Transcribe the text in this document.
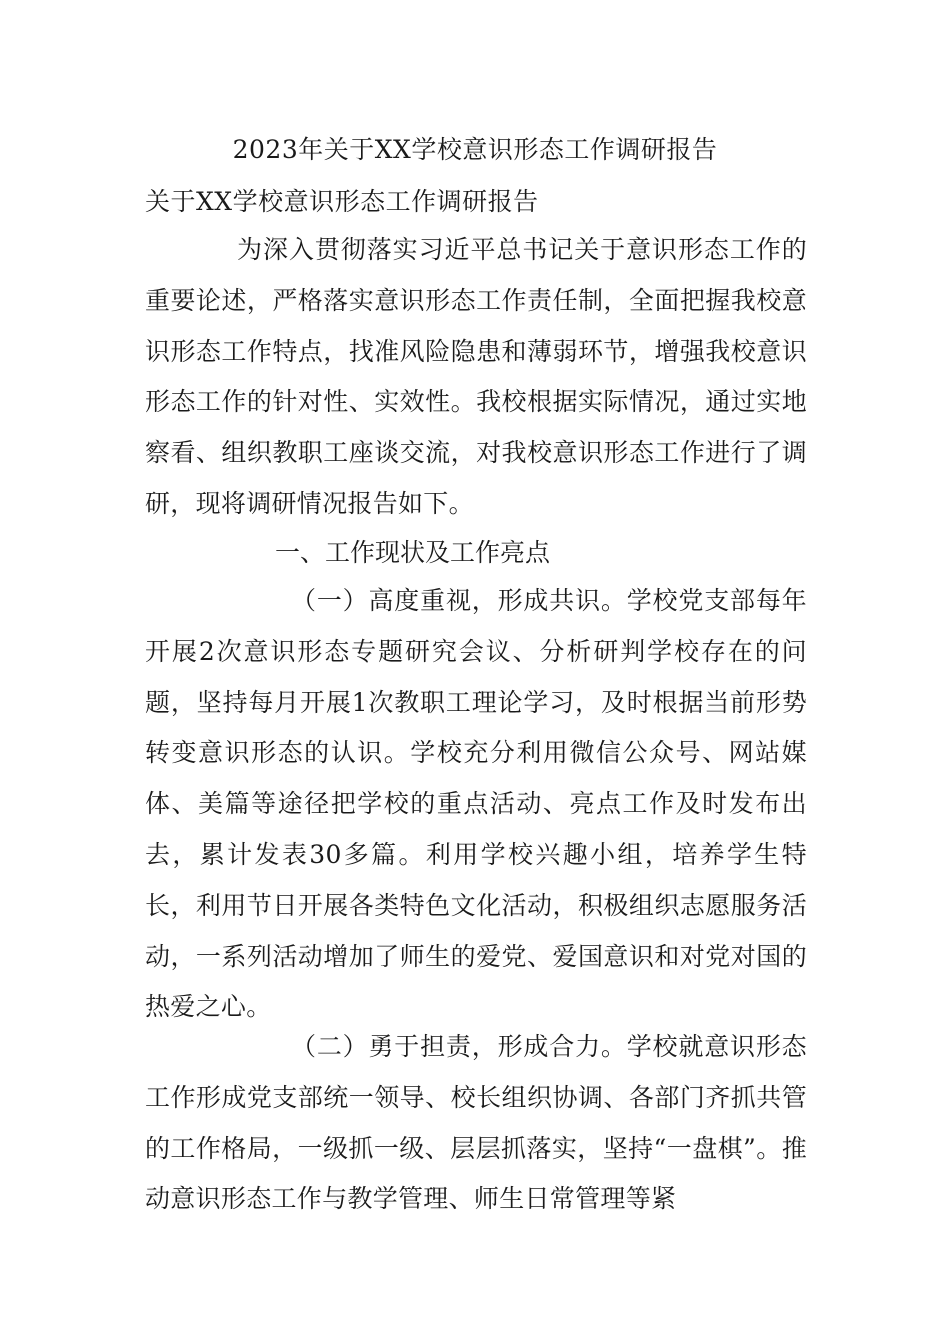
2023年关于XX学校意识形态工作调研报告
关于XX学校意识形态工作调研报告
为深入贯彻落实习近平总书记关于意识形态工作的重要论述，严格落实意识形态工作责任制，全面把握我校意识形态工作特点，找准风险隐患和薄弱环节，增强我校意识形态工作的针对性、实效性。我校根据实际情况，通过实地察看、组织教职工座谈交流，对我校意识形态工作进行了调研，现将调研情况报告如下。
一、工作现状及工作亮点
（一）高度重视，形成共识。学校党支部每年开展2次意识形态专题研究会议、分析研判学校存在的问题，坚持每月开展1次教职工理论学习，及时根据当前形势转变意识形态的认识。学校充分利用微信公众号、网站媒体、美篇等途径把学校的重点活动、亮点工作及时发布出去，累计发表30多篇。利用学校兴趣小组，培养学生特长，利用节日开展各类特色文化活动，积极组织志愿服务活动，一系列活动增加了师生的爱党、爱国意识和对党对国的热爱之心。
（二）勇于担责，形成合力。学校就意识形态工作形成党支部统一领导、校长组织协调、各部门齐抓共管的工作格局，一级抓一级、层层抓落实，坚持“一盘棋”。推动意识形态工作与教学管理、师生日常管理等紧
